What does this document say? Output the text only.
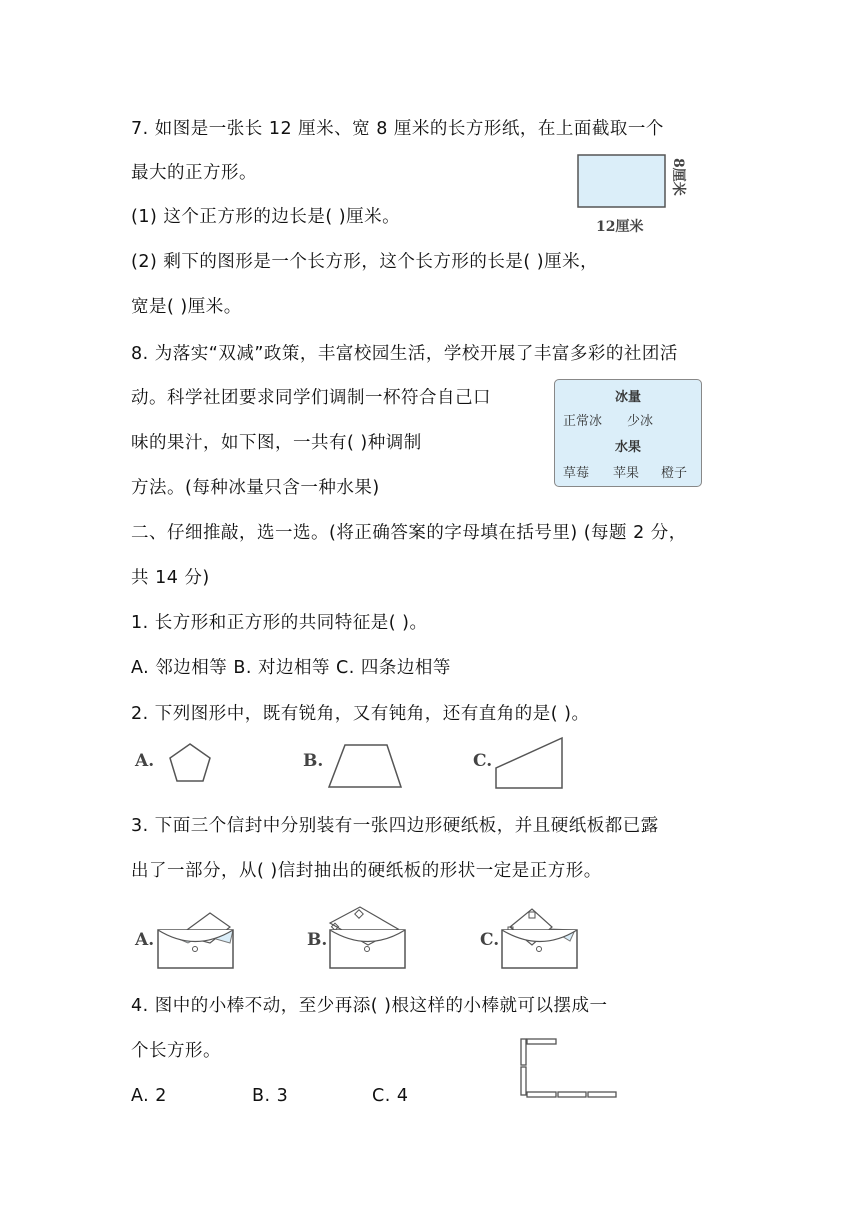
7. 如图是一张长 12 厘米、宽 8 厘米的长方形纸，在上面截取一个
最大的正方形。
(1) 这个正方形的边长是( )厘米。
(2) 剩下的图形是一个长方形，这个长方形的长是( )厘米，
宽是( )厘米。
12厘米
8厘米
8. 为落实“双减”政策，丰富校园生活，学校开展了丰富多彩的社团活
动。科学社团要求同学们调制一杯符合自己口
味的果汁，如下图，一共有( )种调制
方法。(每种冰量只含一种水果)
冰量
正常冰 少冰
水果
草莓 苹果 橙子
二、仔细推敲，选一选。(将正确答案的字母填在括号里) (每题 2 分，
共 14 分)
1. 长方形和正方形的共同特征是( )。
A. 邻边相等 B. 对边相等 C. 四条边相等
2. 下列图形中，既有锐角，又有钝角，还有直角的是( )。
A.	B.	C.
3. 下面三个信封中分别装有一张四边形硬纸板，并且硬纸板都已露
出了一部分，从( )信封抽出的硬纸板的形状一定是正方形。
A.	B.	C.
4. 图中的小棒不动，至少再添( )根这样的小棒就可以摆成一
个长方形。
A. 2	B. 3	C. 4
